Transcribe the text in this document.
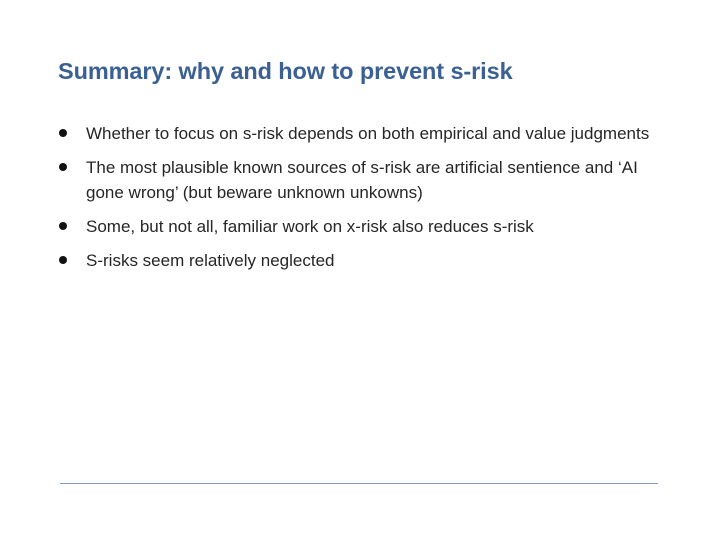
Summary: why and how to prevent s-risk
Whether to focus on s-risk depends on both empirical and value judgments
The most plausible known sources of s-risk are artificial sentience and ‘AI gone wrong’ (but beware unknown unkowns)
Some, but not all, familiar work on x-risk also reduces s-risk
S-risks seem relatively neglected
